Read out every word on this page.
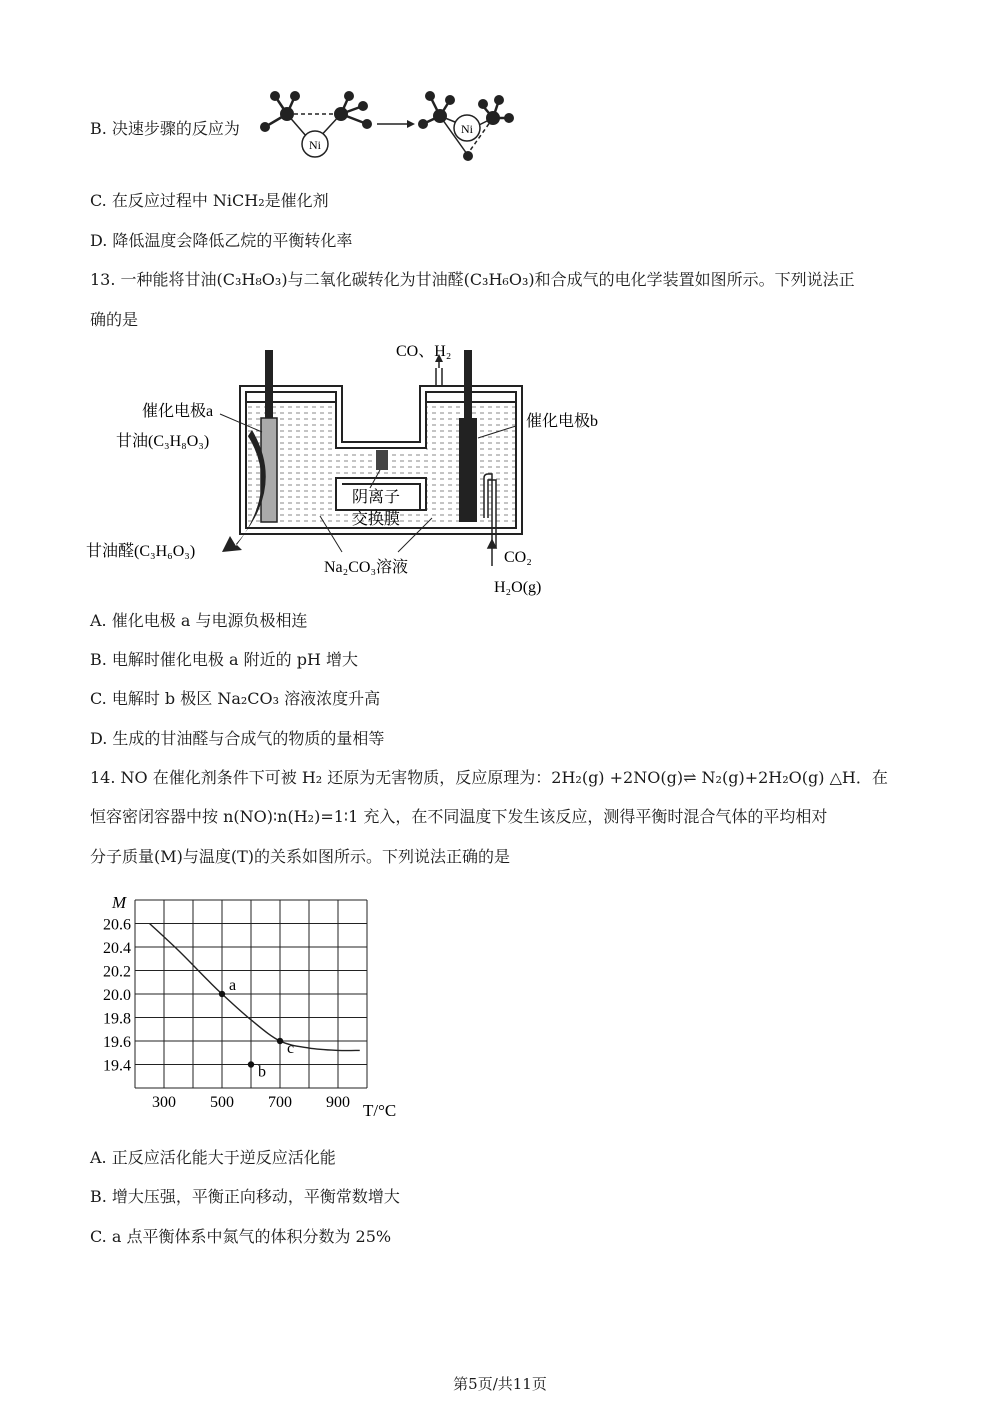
B. 决速步骤的反应为
Ni
Ni
C. 在反应过程中 NiCH₂是催化剂
D. 降低温度会降低乙烷的平衡转化率
13. 一种能将甘油(C₃H₈O₃)与二氧化碳转化为甘油醛(C₃H₆O₃)和合成气的电化学装置如图所示。下列说法正
确的是
催化电极a
甘油(C₃H₈O₃)
甘油醛(C₃H₆O₃)
CO、H₂
催化电极b
阴离子
交换膜
Na₂CO₃溶液
CO₂
H₂O(g)
A. 催化电极 a 与电源负极相连
B. 电解时催化电极 a 附近的 pH 增大
C. 电解时 b 极区 Na₂CO₃ 溶液浓度升高
D. 生成的甘油醛与合成气的物质的量相等
14. NO 在催化剂条件下可被 H₂ 还原为无害物质，反应原理为：2H₂(g) +2NO(g)⇌ N₂(g)+2H₂O(g) △H．在
恒容密闭容器中按 n(NO)∶n(H₂)=1∶1 充入，在不同温度下发生该反应，测得平衡时混合气体的平均相对
分子质量(M)与温度(T)的关系如图所示。下列说法正确的是
19.4
19.6
19.8
20.0
20.2
20.4
20.6
300 500 700 900
a
b
c
M
T/°C
A. 正反应活化能大于逆反应活化能
B. 增大压强，平衡正向移动，平衡常数增大
C. a 点平衡体系中氮气的体积分数为 25%
第5页/共11页
